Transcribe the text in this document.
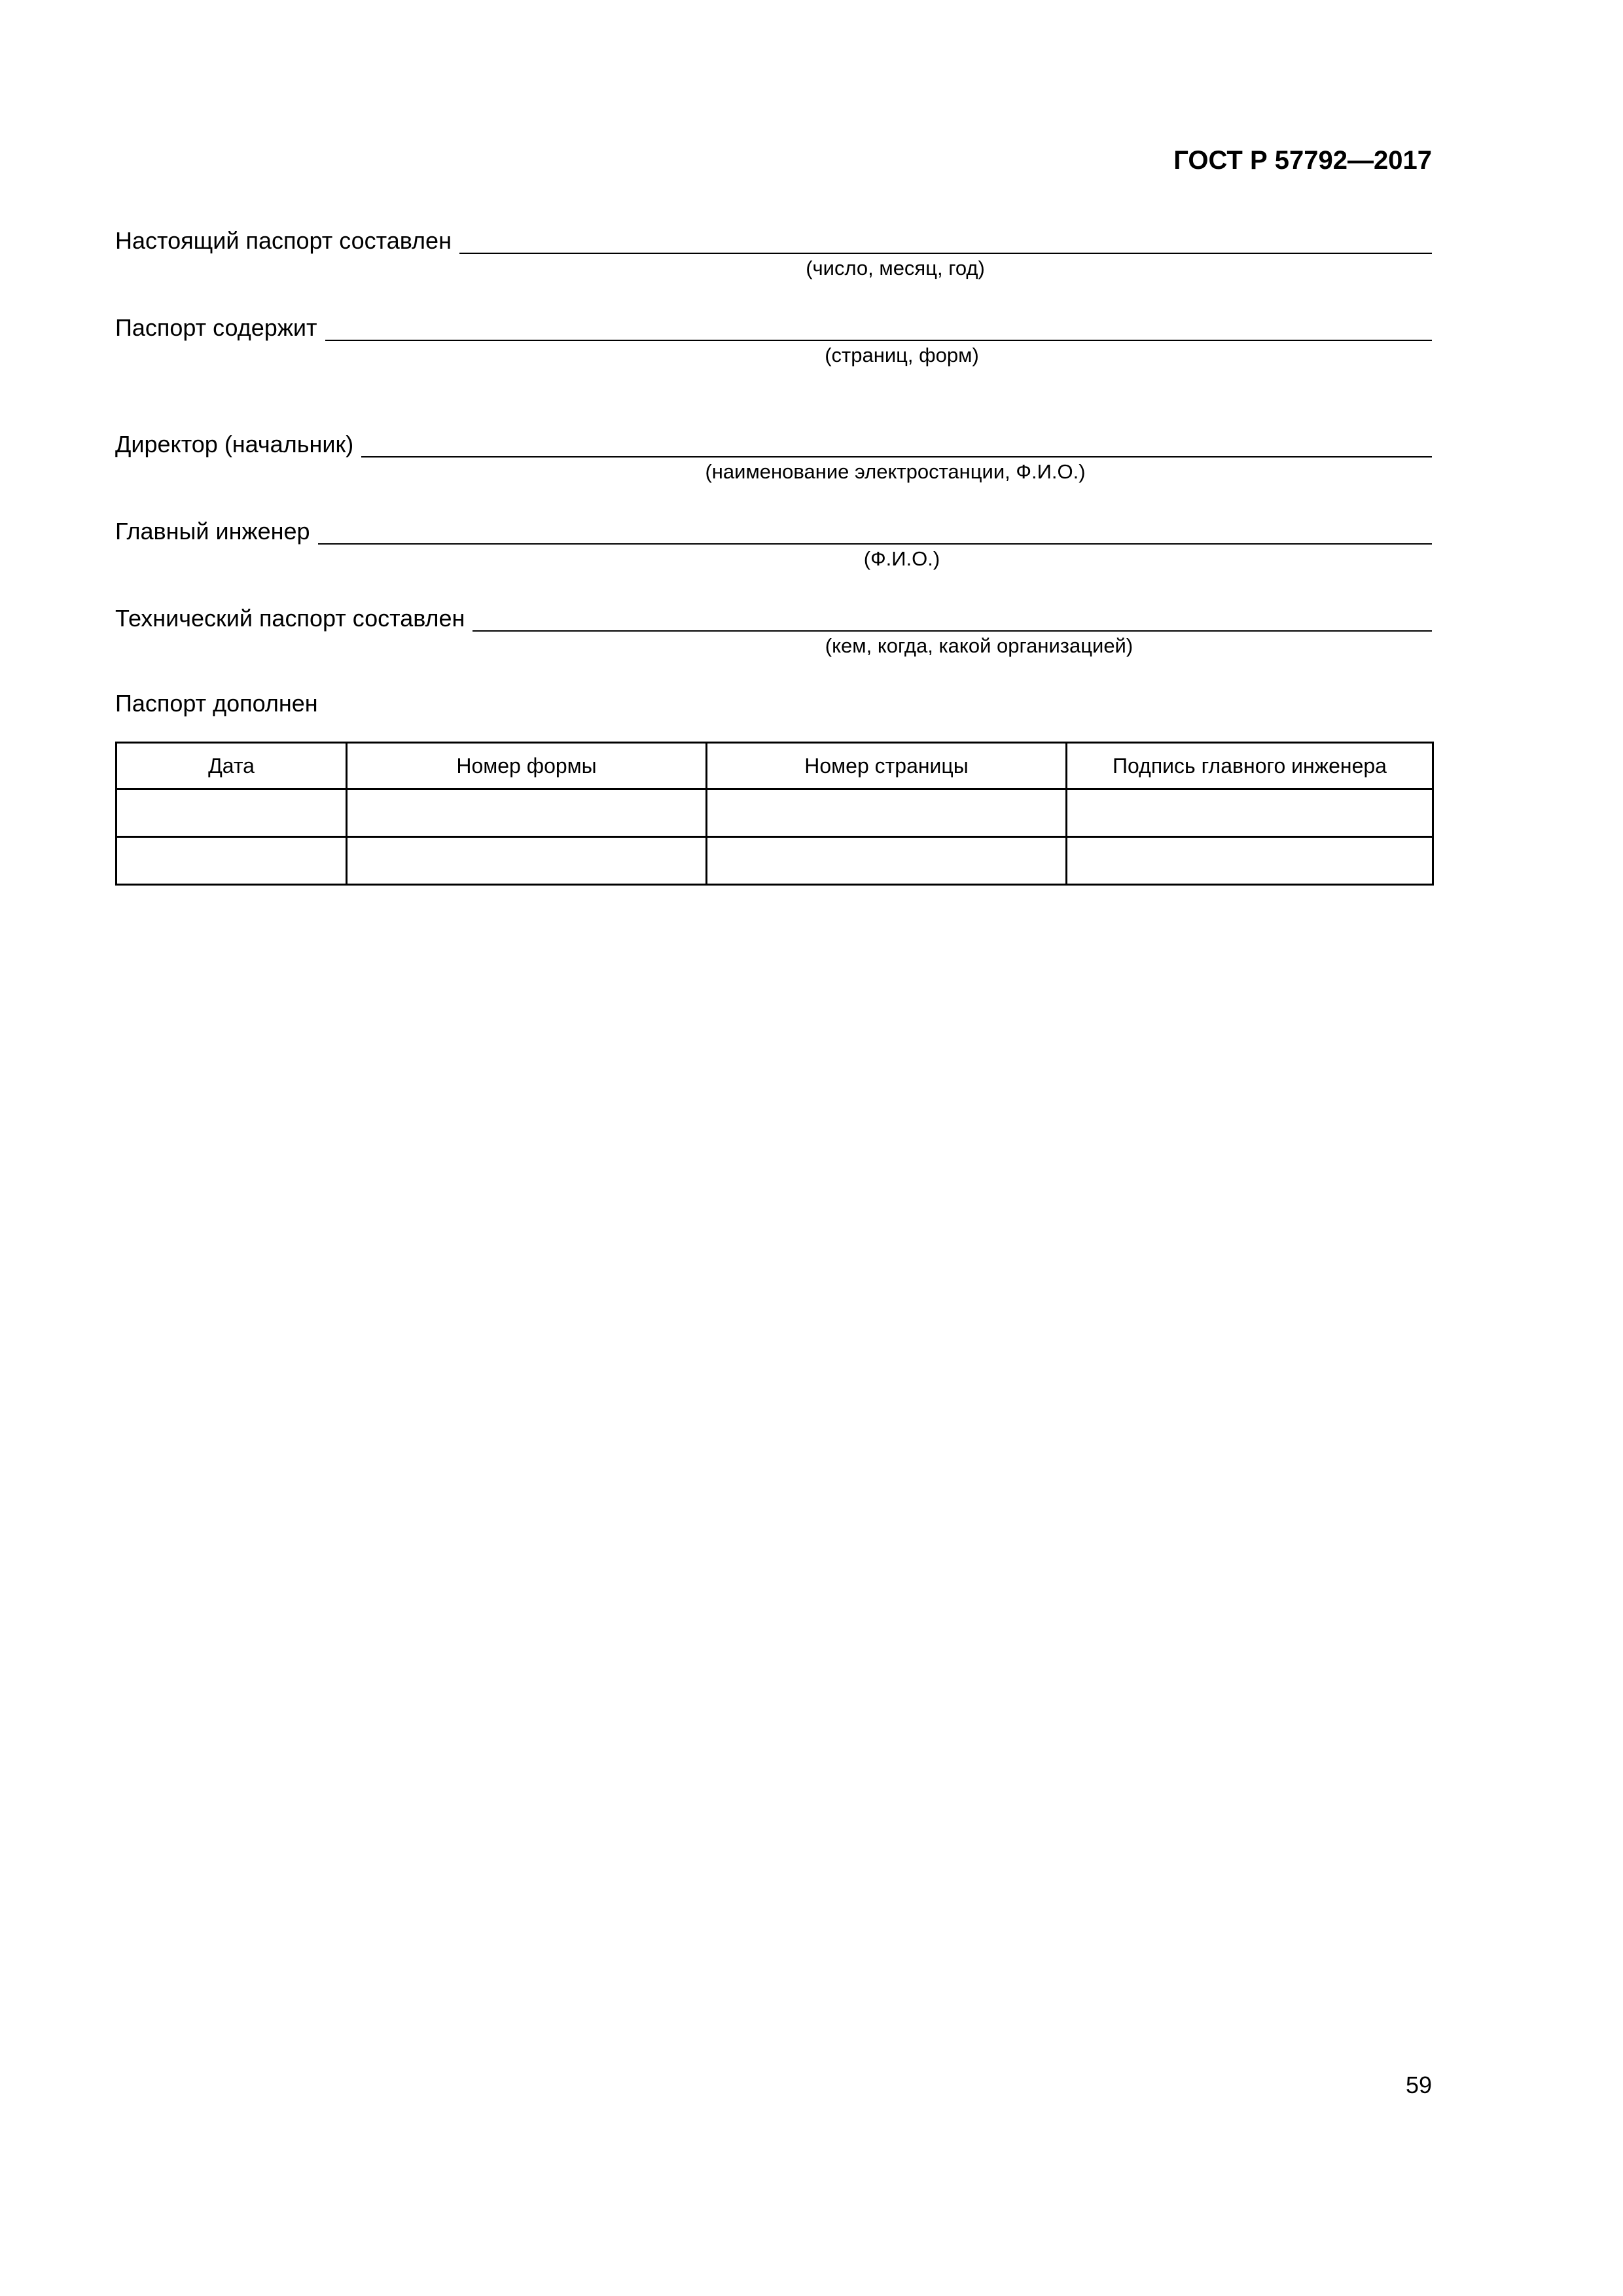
ГОСТ Р 57792—2017
Настоящий паспорт составлен
(число, месяц, год)
Паспорт содержит
(страниц, форм)
Директор (начальник)
(наименование электростанции, Ф.И.О.)
Главный инженер
(Ф.И.О.)
Технический паспорт составлен
(кем, когда, какой организацией)
Паспорт дополнен
Дата	Номер формы	Номер страницы	Подпись главного инженера

59
